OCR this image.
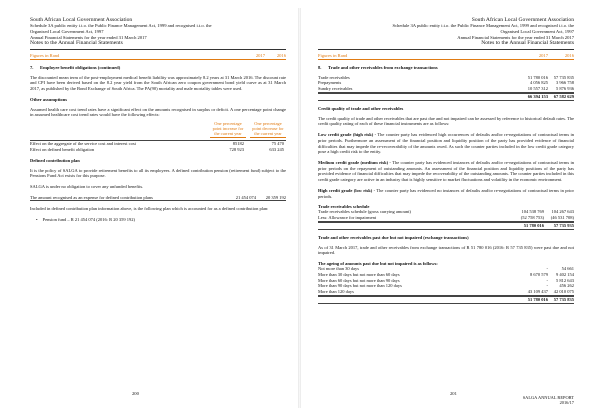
South African Local Government Association
Schedule 3A public entity i.t.o. the Public Finance Management Act, 1999 and recognised i.t.o. the
Organised Local Government Act, 1997
Annual Financial Statements for the year ended 31 March 2017
Notes to the Annual Financial Statements
Figures in Rand	2017	2016
7.	Employee benefit obligations (continued)

The discounted mean term of the post-employment medical benefit liability was approximately 8.2 years at 31 March 2016. The discount rate and CPI have been derived based on the 8.2 year yield from the South African zero coupon government bond yield curve as at 31 March 2017, as published by the Bond Exchange of South Africa. The PA(90) mortality and male mortality tables were used.

Other assumptions

Assumed health care cost trend rates have a significant effect on the amounts recognised in surplus or deficit. A one percentage point change in assumed healthcare cost trend rates would have the following effects:

One percentage point increase for the current year
One percentage point decrease for the current year
Effect on the aggregate of the service cost and interest cost	85182	75 470
Effect on defined benefit obligation	728 923	633 245
Defined contribution plan

It is the policy of SALGA to provide retirement benefits to all its employees. A defined contribution pension (retirement fund) subject to the Pensions Fund Act exists for this purpose.

SALGA is under no obligation to cover any unfunded benefits.

The amount recognised as an expense for defined contribution plans	21 454 074	20 359 192

Included in defined contribution plan information above, is the following plan which is accounted for as a defined contribution plan:

• Pension fund – R 21 454 074 (2016: R 20 359 192)
200
South African Local Government Association
Schedule 3A public entity i.t.o. the Public Finance Management Act, 1999 and recognised i.t.o. the
Organised Local Government Act, 1997
Annual Financial Statements for the year ended 31 March 2017
Notes to the Annual Financial Statements
Figures in Rand	2017	2016
8.	Trade and other receivables from exchange transactions
Trade receivables	51 780 016	57 735 835
Prepayments	4 056 825	3 966 758
Sundry receivables	10 557 312	5 876 936
66 394 153	67 582 629
Credit quality of trade and other receivables

The credit quality of trade and other receivables that are past due and not impaired can be assessed by reference to historical default rates. The credit quality rating of each of these financial instruments are as follows:

Low credit grade (high risk) - The counter party has evidenced high occurrences of defaults and/or re-negotiations of contractual terms in prior periods. Furthermore an assessment of the financial position and liquidity position of the party has provided evidence of financial difficulties that may impede the re-recoverability of the amounts owed. As such the counter parties included in the low credit grade category pose a high credit risk to the entity.

Medium credit grade (medium risk) - The counter party has evidenced instances of defaults and/or re-negotiations of contractual terms in prior periods on the repayment of outstanding amounts. An assessment of the financial position and liquidity positions of the party has provided evidence of financial difficulties that may impede the recoverability of the outstanding amounts. The counter parties included in this credit grade category are active in an industry that is highly sensitive to market fluctuations and volatility in the economic environment.

High credit grade (low risk) - The counter party has evidenced no instances of defaults and/or re-negotiations of contractual terms in prior periods.

Trade receivables schedule
Trade receivables schedule (gross carrying amount)	104 538 769	104 267 643
Less: Allowance for impairment	(52 758 753)	(46 531 708)
51 780 016	57 735 935
Trade and other receivables past due but not impaired (exchange transactions)

As of 31 March 2017, trade and other receivables from exchange transactions of R 51 780 016 (2016: R 57 735 835) were past due and not impaired.

The ageing of amounts past due but not impaired is as follows:
Not more than 30 days	-	54 661
More than 30 days but not more than 60 days	8 670 579	9 402 154
More than 60 days but not more than 90 days	-	5 812 643
More than 90 days but not more than 120 days	-	456 262
More than 120 days	43 109 437	42 010 075
51 780 016	57 735 835
201
SALGA ANNUAL REPORT
2016/17
